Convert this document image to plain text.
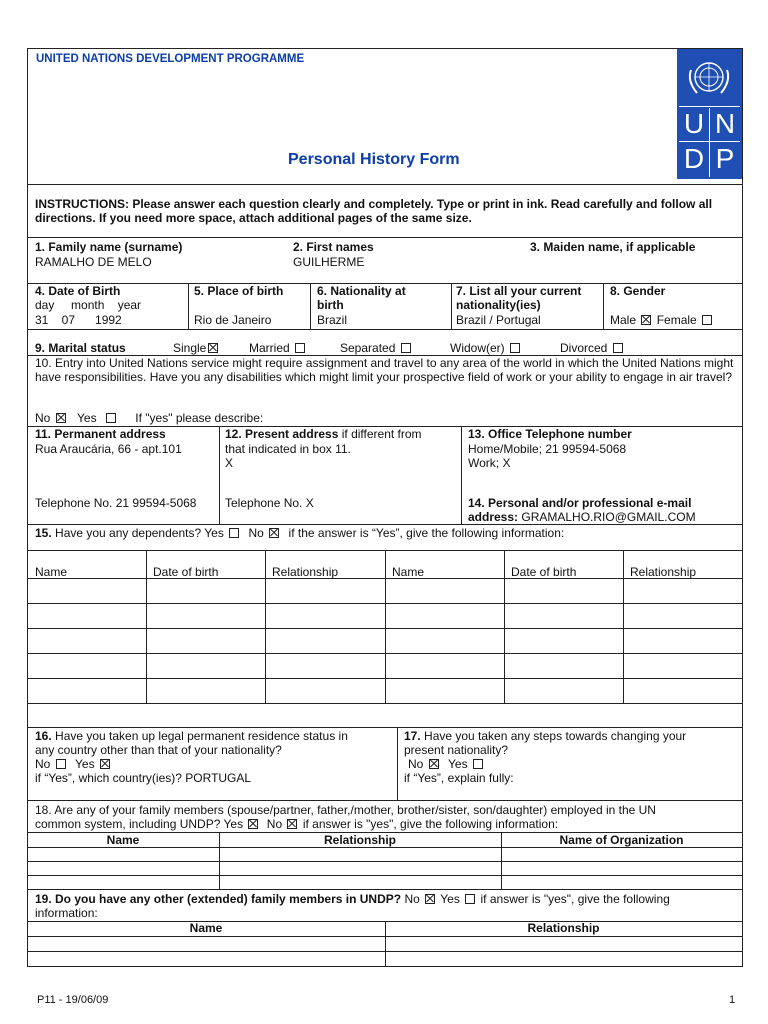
UNITED NATIONS DEVELOPMENT PROGRAMME
Personal History Form
U N
D P
INSTRUCTIONS: Please answer each question clearly and completely. Type or print in ink. Read carefully and follow all directions. If you need more space, attach additional pages of the same size.
1. Family name (surname)
RAMALHO DE MELO
2. First names
GUILHERME
3. Maiden name, if applicable
4. Date of Birth
day     month    year
31    07      1992
5. Place of birth
Rio de Janeiro
6. Nationality at
birth
Brazil
7. List all your current
nationality(ies)
Brazil / Portugal
8. Gender
Male Female
9. Marital status	Single	Married	Separated	Widow(er)	Divorced
10. Entry into United Nations service might require assignment and travel to any area of the world in which the United Nations might have responsibilities. Have you any disabilities which might limit your prospective field of work or your ability to engage in air travel?
No Yes	If "yes" please describe:
11. Permanent address
Rua Araucária, 66 - apt.101
Telephone No. 21 99594-5068
12. Present address if different from
that indicated in box 11.
X
Telephone No. X
13. Office Telephone number
Home/Mobile; 21 99594-5068
Work; X
14. Personal and/or professional e-mail
address: GRAMALHO.RIO@GMAIL.COM
15. Have you any dependents? Yes No if the answer is “Yes”, give the following information:
Name	Date of birth	Relationship	Name	Date of birth	Relationship
16. Have you taken up legal permanent residence status in
any country other than that of your nationality?
No Yes
if “Yes”, which country(ies)? PORTUGAL
17. Have you taken any steps towards changing your
present nationality?
No Yes
if “Yes”, explain fully:
18. Are any of your family members (spouse/partner, father,/mother, brother/sister, son/daughter) employed in the UN
common system, including UNDP? Yes No if answer is "yes", give the following information:
Name	Relationship	Name of Organization
19. Do you have any other (extended) family members in UNDP? No Yes  if answer is "yes", give the following
information:
Name	Relationship
P11 - 19/06/09	1
